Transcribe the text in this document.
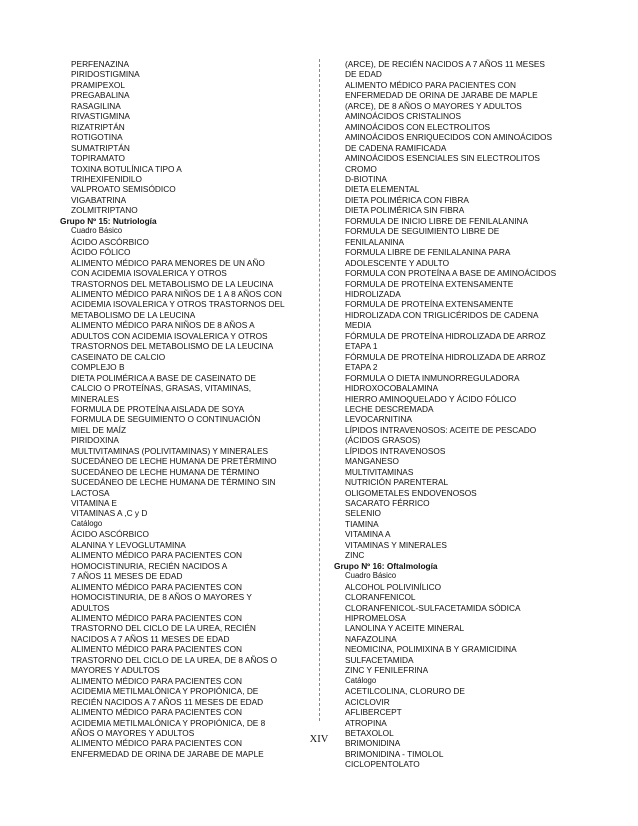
PERFENAZINA
PIRIDOSTIGMINA
PRAMIPEXOL
PREGABALINA
RASAGILINA
RIVASTIGMINA
RIZATRIPTÁN
ROTIGOTINA
SUMATRIPTÁN
TOPIRAMATO
TOXINA BOTULÍNICA TIPO A
TRIHEXIFENIDILO
VALPROATO SEMISÓDICO
VIGABATRINA
ZOLMITRIPTANO
Grupo Nº 15: Nutriología
Cuadro Básico
ÁCIDO ASCÓRBICO
ÁCIDO FÓLICO
ALIMENTO MÉDICO PARA MENORES DE UN AÑO
CON ACIDEMIA ISOVALERICA Y OTROS
TRASTORNOS DEL METABOLISMO DE LA LEUCINA
ALIMENTO MÉDICO PARA NIÑOS DE 1 A 8 AÑOS CON
ACIDEMIA ISOVALERICA Y OTROS TRASTORNOS DEL
METABOLISMO DE LA LEUCINA
ALIMENTO MÉDICO PARA NIÑOS DE 8 AÑOS A
ADULTOS CON ACIDEMIA ISOVALERICA Y OTROS
TRASTORNOS DEL METABOLISMO DE LA LEUCINA
CASEINATO DE CALCIO
COMPLEJO B
DIETA POLIMÉRICA A BASE DE CASEINATO DE
CALCIO O PROTEÍNAS, GRASAS, VITAMINAS,
MINERALES
FORMULA DE PROTEÍNA AISLADA DE SOYA
FORMULA DE SEGUIMIENTO O CONTINUACIÓN
MIEL DE MAÍZ
PIRIDOXINA
MULTIVITAMINAS (POLIVITAMINAS) Y MINERALES
SUCEDÁNEO DE LECHE HUMANA DE PRETÉRMINO
SUCEDÁNEO DE LECHE HUMANA DE TÉRMINO
SUCEDÁNEO DE LECHE HUMANA DE TÉRMINO SIN
LACTOSA
VITAMINA E
VITAMINAS A ,C y D
Catálogo
ÁCIDO ASCÓRBICO
ALANINA Y LEVOGLUTAMINA
ALIMENTO MÉDICO PARA PACIENTES CON
HOMOCISTINURIA, RECIÉN NACIDOS A
7 AÑOS 11 MESES DE EDAD
ALIMENTO MÉDICO PARA PACIENTES CON
HOMOCISTINURIA, DE 8 AÑOS O MAYORES Y
ADULTOS
ALIMENTO MÉDICO PARA PACIENTES CON
TRASTORNO DEL CICLO DE LA UREA, RECIÉN
NACIDOS A 7 AÑOS 11 MESES DE EDAD
ALIMENTO MÉDICO PARA PACIENTES CON
TRASTORNO DEL CICLO DE LA UREA, DE 8 AÑOS O
MAYORES Y ADULTOS
ALIMENTO MÉDICO PARA PACIENTES CON
ACIDEMIA METILMALÓNICA Y PROPIÓNICA, DE
RECIÉN NACIDOS A 7 AÑOS 11 MESES DE EDAD
ALIMENTO MÉDICO PARA PACIENTES CON
ACIDEMIA METILMALÓNICA Y PROPIÓNICA, DE 8
AÑOS O MAYORES Y ADULTOS
ALIMENTO MÉDICO PARA PACIENTES CON
ENFERMEDAD DE ORINA DE JARABE DE MAPLE
(ARCE), DE RECIÉN NACIDOS A 7 AÑOS 11 MESES
DE EDAD
ALIMENTO MÉDICO PARA PACIENTES CON
ENFERMEDAD DE ORINA DE JARABE DE MAPLE
(ARCE), DE 8 AÑOS O MAYORES Y ADULTOS
AMINOÁCIDOS CRISTALINOS
AMINOÁCIDOS CON ELECTROLITOS
AMINOÁCIDOS ENRIQUECIDOS CON AMINOÁCIDOS
DE CADENA RAMIFICADA
AMINOÁCIDOS ESENCIALES SIN ELECTROLITOS
CROMO
D-BIOTINA
DIETA ELEMENTAL
DIETA POLIMÉRICA CON FIBRA
DIETA POLIMÉRICA SIN FIBRA
FORMULA DE INICIO LIBRE DE FENILALANINA
FORMULA DE SEGUIMIENTO LIBRE DE
FENILALANINA
FORMULA LIBRE DE FENILALANINA PARA
ADOLESCENTE Y ADULTO
FORMULA CON PROTEÍNA A BASE DE AMINOÁCIDOS
FORMULA DE PROTEÍNA EXTENSAMENTE
HIDROLIZADA
FORMULA DE PROTEÍNA EXTENSAMENTE
HIDROLIZADA CON TRIGLICÉRIDOS DE CADENA
MEDIA
FÓRMULA DE PROTEÍNA HIDROLIZADA DE ARROZ
ETAPA 1
FÓRMULA DE PROTEÍNA HIDROLIZADA DE ARROZ
ETAPA 2
FORMULA O DIETA INMUNORREGULADORA
HIDROXOCOBALAMINA
HIERRO AMINOQUELADO Y ÁCIDO FÓLICO
LECHE DESCREMADA
LEVOCARNITINA
LÍPIDOS INTRAVENOSOS: ACEITE DE PESCADO
(ÁCIDOS GRASOS)
LÍPIDOS INTRAVENOSOS
MANGANESO
MULTIVITAMINAS
NUTRICIÓN PARENTERAL
OLIGOMETALES ENDOVENOSOS
SACARATO FÉRRICO
SELENIO
TIAMINA
VITAMINA A
VITAMINAS Y MINERALES
ZINC
Grupo Nº 16: Oftalmología
Cuadro Básico
ALCOHOL POLIVINÍLICO
CLORANFENICOL
CLORANFENICOL-SULFACETAMIDA SÓDICA
HIPROMELOSA
LANOLINA Y ACEITE MINERAL
NAFAZOLINA
NEOMICINA, POLIMIXINA B Y GRAMICIDINA
SULFACETAMIDA
ZINC Y FENILEFRINA
Catálogo
ACETILCOLINA, CLORURO DE
ACICLOVIR
AFLIBERCEPT
ATROPINA
BETAXOLOL
BRIMONIDINA
BRIMONIDINA - TIMOLOL
CICLOPENTOLATO
XIV
